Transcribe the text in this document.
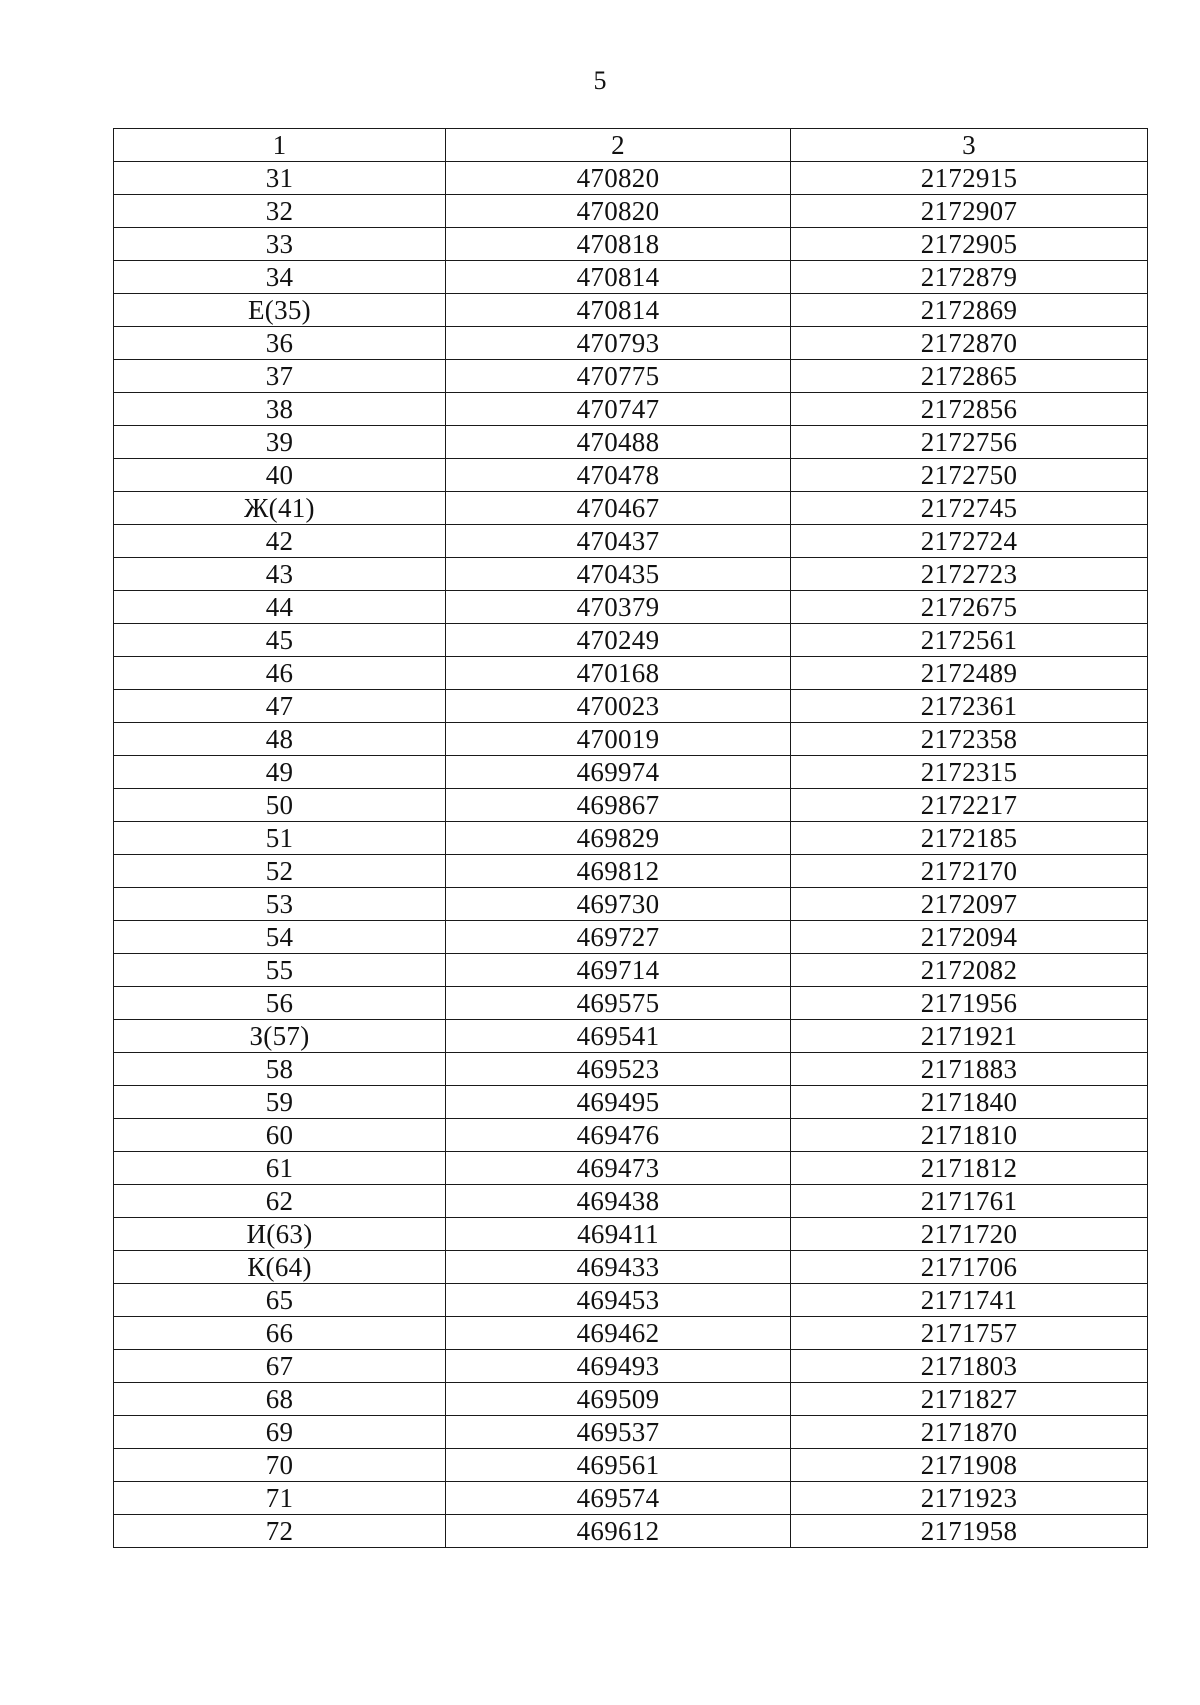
5
1	2	3
31	470820	2172915
32	470820	2172907
33	470818	2172905
34	470814	2172879
Е(35)	470814	2172869
36	470793	2172870
37	470775	2172865
38	470747	2172856
39	470488	2172756
40	470478	2172750
Ж(41)	470467	2172745
42	470437	2172724
43	470435	2172723
44	470379	2172675
45	470249	2172561
46	470168	2172489
47	470023	2172361
48	470019	2172358
49	469974	2172315
50	469867	2172217
51	469829	2172185
52	469812	2172170
53	469730	2172097
54	469727	2172094
55	469714	2172082
56	469575	2171956
З(57)	469541	2171921
58	469523	2171883
59	469495	2171840
60	469476	2171810
61	469473	2171812
62	469438	2171761
И(63)	469411	2171720
К(64)	469433	2171706
65	469453	2171741
66	469462	2171757
67	469493	2171803
68	469509	2171827
69	469537	2171870
70	469561	2171908
71	469574	2171923
72	469612	2171958
